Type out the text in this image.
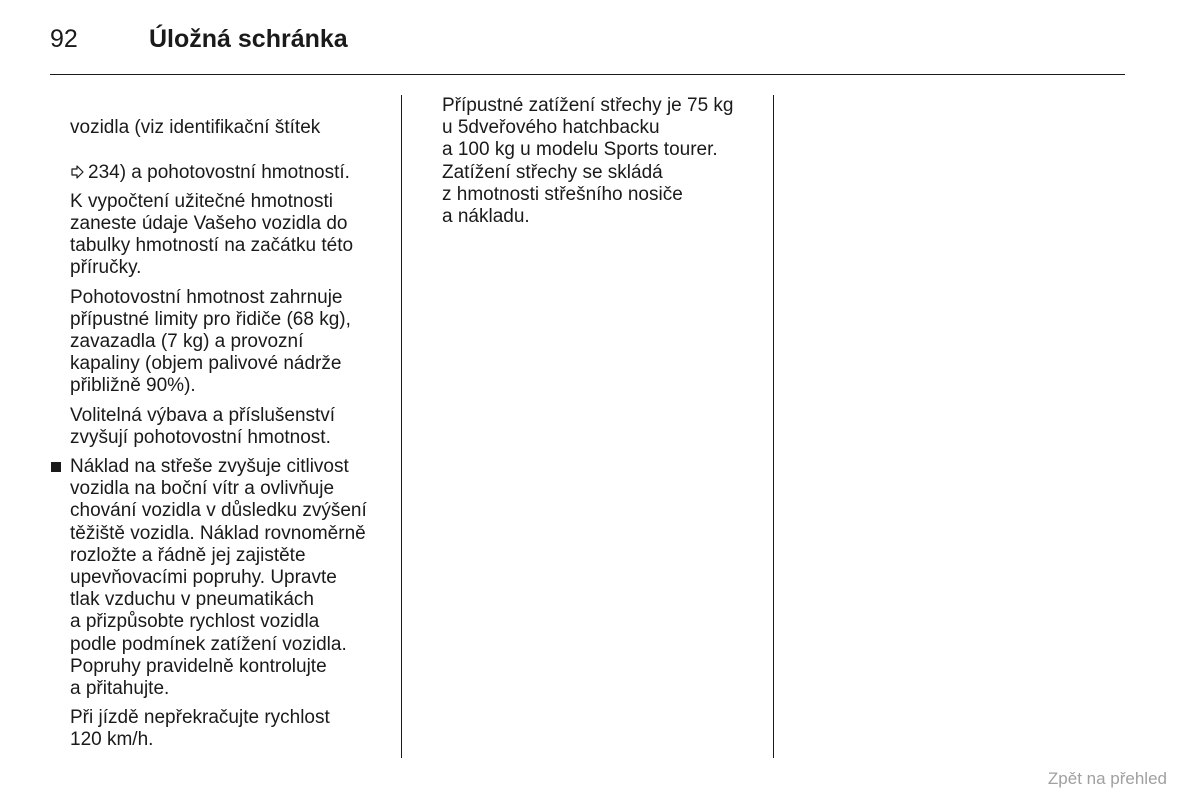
92	Úložná schránka

vozidla (viz identifikační štítek

234) a pohotovostní hmotností.

K vypočtení užitečné hmotnosti
zaneste údaje Vašeho vozidla do
tabulky hmotností na začátku této
příručky.
Pohotovostní hmotnost zahrnuje
přípustné limity pro řidiče (68 kg),
zavazadla (7 kg) a provozní
kapaliny (objem palivové nádrže
přibližně 90%).
Volitelná výbava a příslušenství
zvyšují pohotovostní hmotnost.
Náklad na střeše zvyšuje citlivost
vozidla na boční vítr a ovlivňuje
chování vozidla v důsledku zvýšení
těžiště vozidla. Náklad rovnoměrně
rozložte a řádně jej zajistěte
upevňovacími popruhy. Upravte
tlak vzduchu v pneumatikách
a přizpůsobte rychlost vozidla
podle podmínek zatížení vozidla.
Popruhy pravidelně kontrolujte
a přitahujte.
Při jízdě nepřekračujte rychlost
120 km/h.
Přípustné zatížení střechy je 75 kg
u 5dveřového hatchbacku
a 100 kg u modelu Sports tourer.
Zatížení střechy se skládá
z hmotnosti střešního nosiče
a nákladu.
Zpět na přehled
